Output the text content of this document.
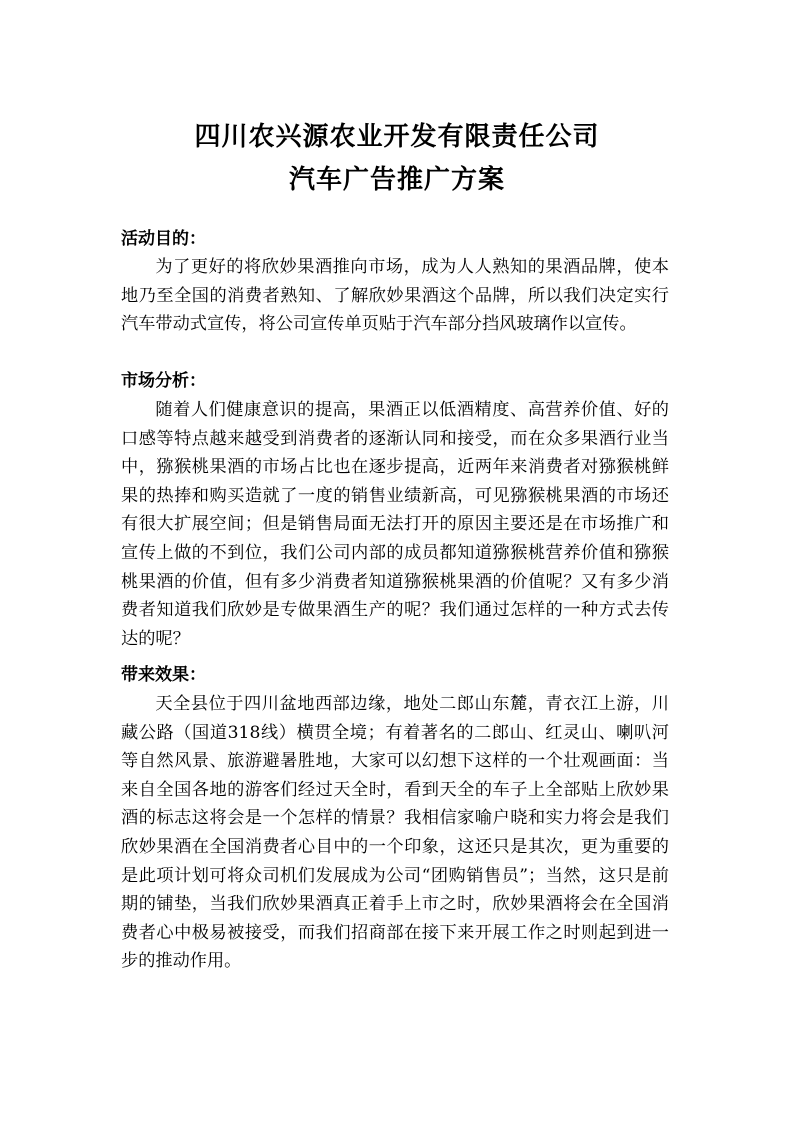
四川农兴源农业开发有限责任公司
汽车广告推广方案
活动目的：

为了更好的将欣妙果酒推向市场，成为人人熟知的果酒品牌，使本地乃至全国的消费者熟知、了解欣妙果酒这个品牌，所以我们决定实行汽车带动式宣传，将公司宣传单页贴于汽车部分挡风玻璃作以宣传。

市场分析：

随着人们健康意识的提高，果酒正以低酒精度、高营养价值、好的口感等特点越来越受到消费者的逐渐认同和接受，而在众多果酒行业当中，猕猴桃果酒的市场占比也在逐步提高，近两年来消费者对猕猴桃鲜果的热捧和购买造就了一度的销售业绩新高，可见猕猴桃果酒的市场还有很大扩展空间；但是销售局面无法打开的原因主要还是在市场推广和宣传上做的不到位，我们公司内部的成员都知道猕猴桃营养价值和猕猴桃果酒的价值，但有多少消费者知道猕猴桃果酒的价值呢？又有多少消费者知道我们欣妙是专做果酒生产的呢？我们通过怎样的一种方式去传达的呢？

带来效果：

天全县位于四川盆地西部边缘，地处二郎山东麓，青衣江上游，川藏公路（国道318线）横贯全境；有着著名的二郎山、红灵山、喇叭河等自然风景、旅游避暑胜地，大家可以幻想下这样的一个壮观画面：当来自全国各地的游客们经过天全时，看到天全的车子上全部贴上欣妙果酒的标志这将会是一个怎样的情景？我相信家喻户晓和实力将会是我们欣妙果酒在全国消费者心目中的一个印象，这还只是其次，更为重要的是此项计划可将众司机们发展成为公司“团购销售员”；当然，这只是前期的铺垫，当我们欣妙果酒真正着手上市之时，欣妙果酒将会在全国消费者心中极易被接受，而我们招商部在接下来开展工作之时则起到进一步的推动作用。
